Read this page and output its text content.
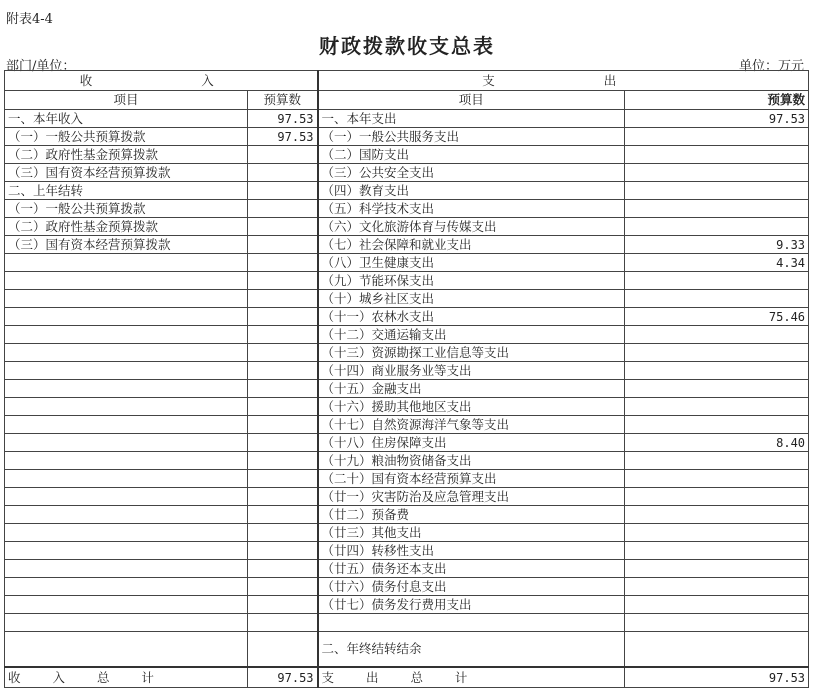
附表4-4
财政拨款收支总表
部门/单位：	单位：万元
收　　入		支　　出	
项目	预算数	项目	预算数
一、本年收入	97.53	一、本年支出	97.53
（一）一般公共预算拨款	97.53	（一）一般公共服务支出	
（二）政府性基金预算拨款		（二）国防支出	
（三）国有资本经营预算拨款		（三）公共安全支出	
二、上年结转		（四）教育支出	
（一）一般公共预算拨款		（五）科学技术支出	
（二）政府性基金预算拨款		（六）文化旅游体育与传媒支出	
（三）国有资本经营预算拨款		（七）社会保障和就业支出	9.33
		（八）卫生健康支出	4.34
		（九）节能环保支出	
		（十）城乡社区支出	
		（十一）农林水支出	75.46
		（十二）交通运输支出	
		（十三）资源勘探工业信息等支出	
		（十四）商业服务业等支出	
		（十五）金融支出	
		（十六）援助其他地区支出	
		（十七）自然资源海洋气象等支出	
		（十八）住房保障支出	8.40
		（十九）粮油物资储备支出	
		（二十）国有资本经营预算支出	
		（廿一）灾害防治及应急管理支出	
		（廿二）预备费	
		（廿三）其他支出	
		（廿四）转移性支出	
		（廿五）债务还本支出	
		（廿六）债务付息支出	
		（廿七）债务发行费用支出	

		二、年终结转结余	
收 入 总 计	97.53	支 出 总 计	97.53
